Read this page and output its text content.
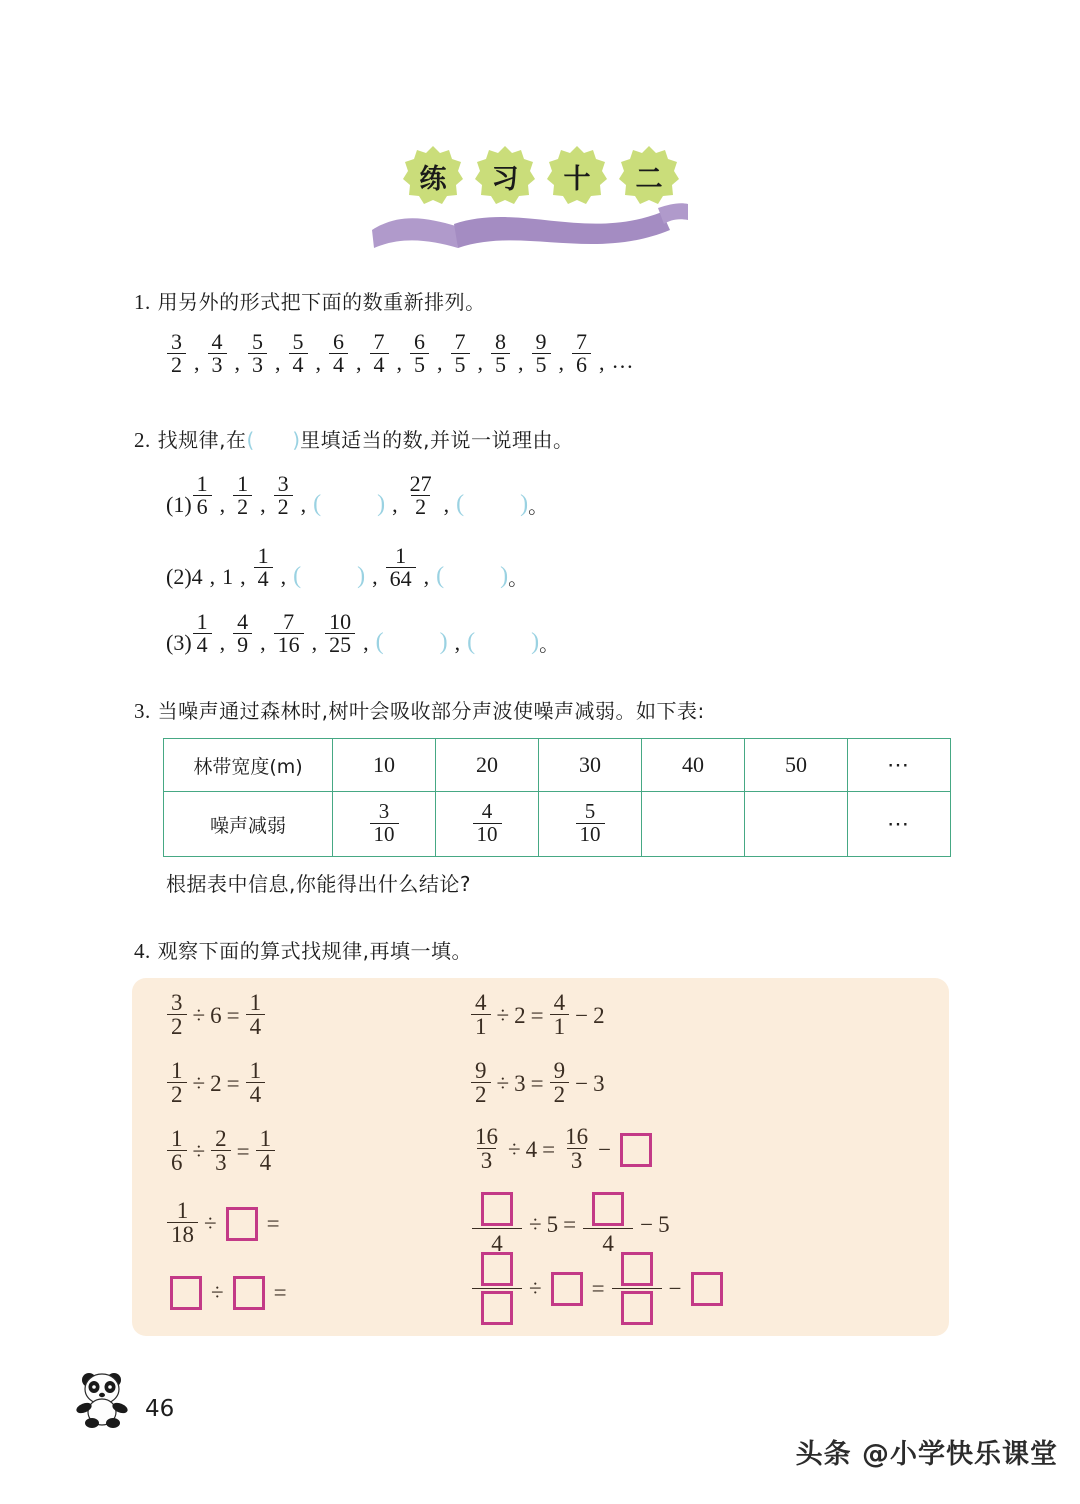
练 习 十 二
1. 用另外的形式把下面的数重新排列。
$\frac{3}{2}$ , $\frac{4}{3}$ , $\frac{5}{3}$ , $\frac{5}{4}$ , $\frac{6}{4}$ , $\frac{7}{4}$ , $\frac{6}{5}$ , $\frac{7}{5}$ , $\frac{8}{5}$ , $\frac{9}{5}$ , $\frac{7}{6}$ , …
2. 找规律,在( )里填适当的数,并说一说理由。
$(1) \frac{1}{6}$ , $\frac{1}{2}$ , $\frac{3}{2}$ , ( ) , $\frac{27}{2}$ , ( ) 。
(2) 4 , 1 , $\frac{1}{4}$ , ( ) , $\frac{1}{64}$ , ( ) 。
$(3) \frac{1}{4}$ , $\frac{4}{9}$ , $\frac{7}{16}$ , $\frac{10}{25}$ , ( ) , ( ) 。
3. 当噪声通过森林时,树叶会吸收部分声波使噪声减弱。如下表:
林带宽度(m)	10	20	30	40	50	⋯
噪声减弱	$\frac{3}{10}$	$\frac{4}{10}$	$\frac{5}{10}$			⋯
根据表中信息,你能得出什么结论?
4. 观察下面的算式找规律,再填一填。
$\frac{3}{2} \div 6 = \frac{1}{4}$
$\frac{1}{2} \div 2 = \frac{1}{4}$
$\frac{1}{6} \div \frac{2}{3} = \frac{1}{4}$
$\frac{1}{18}$ ÷ =
÷ =
$\frac{4}{1} \div 2 = \frac{4}{1} - 2$
$\frac{9}{2} \div 3 = \frac{9}{2} - 3$
$\frac{16}{3} \div 4 = \frac{16}{3}$ −
4
÷ 5 =
4
− 5
÷ =	−
46
头条 @小学快乐课堂
